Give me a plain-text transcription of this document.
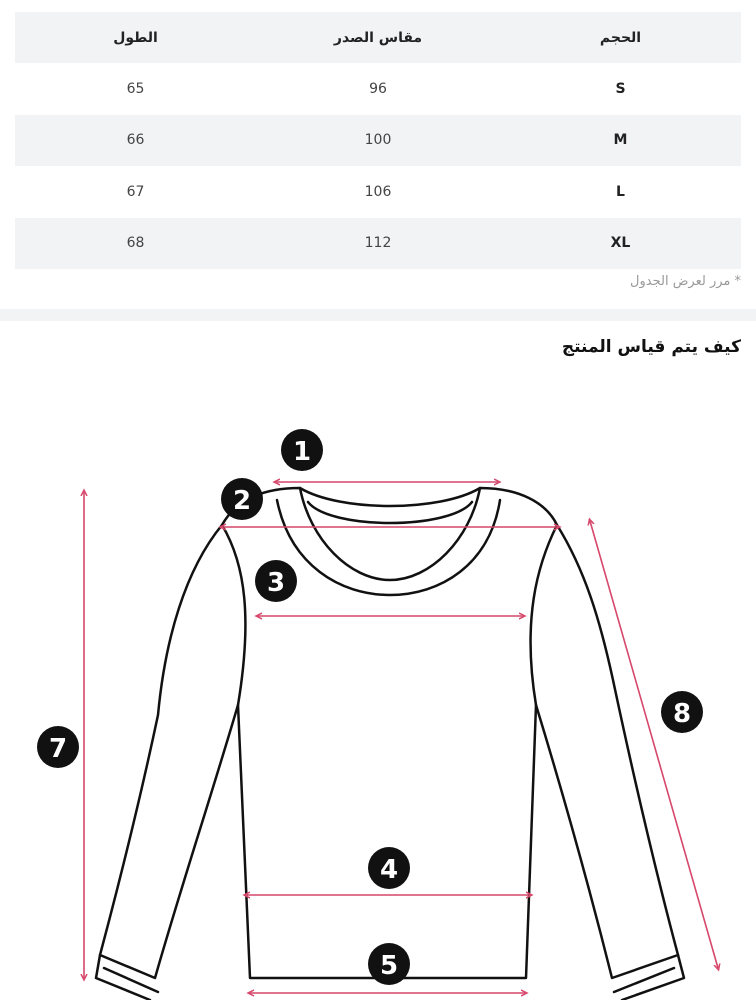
الحجم	مقاس الصدر	الطول
S	96	65
M	100	66
L	106	67
XL	112	68
* مرر لعرض الجدول
كيف يتم قياس المنتج
1
2
3
4
5
7
8
